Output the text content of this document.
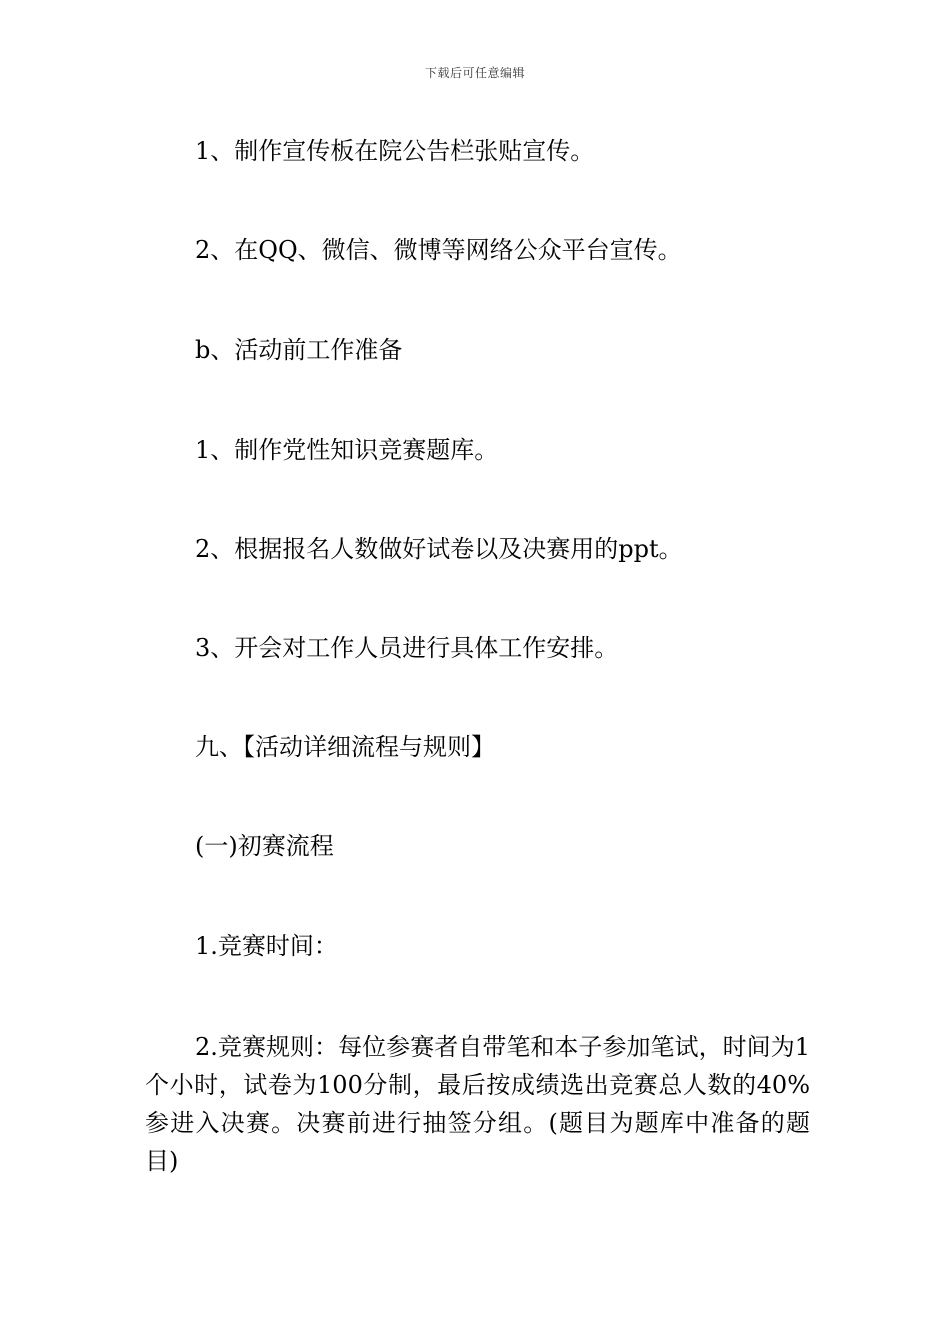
下载后可任意编辑
1、制作宣传板在院公告栏张贴宣传。
2、在QQ、微信、微博等网络公众平台宣传。
b、活动前工作准备
1、制作党性知识竞赛题库。
2、根据报名人数做好试卷以及决赛用的ppt。
3、开会对工作人员进行具体工作安排。
九、【活动详细流程与规则】
(一)初赛流程
1.竞赛时间：
2.竞赛规则：每位参赛者自带笔和本子参加笔试，时间为1个小时，试卷为100分制，最后按成绩选出竞赛总人数的40%参进入决赛。决赛前进行抽签分组。(题目为题库中准备的题目)
